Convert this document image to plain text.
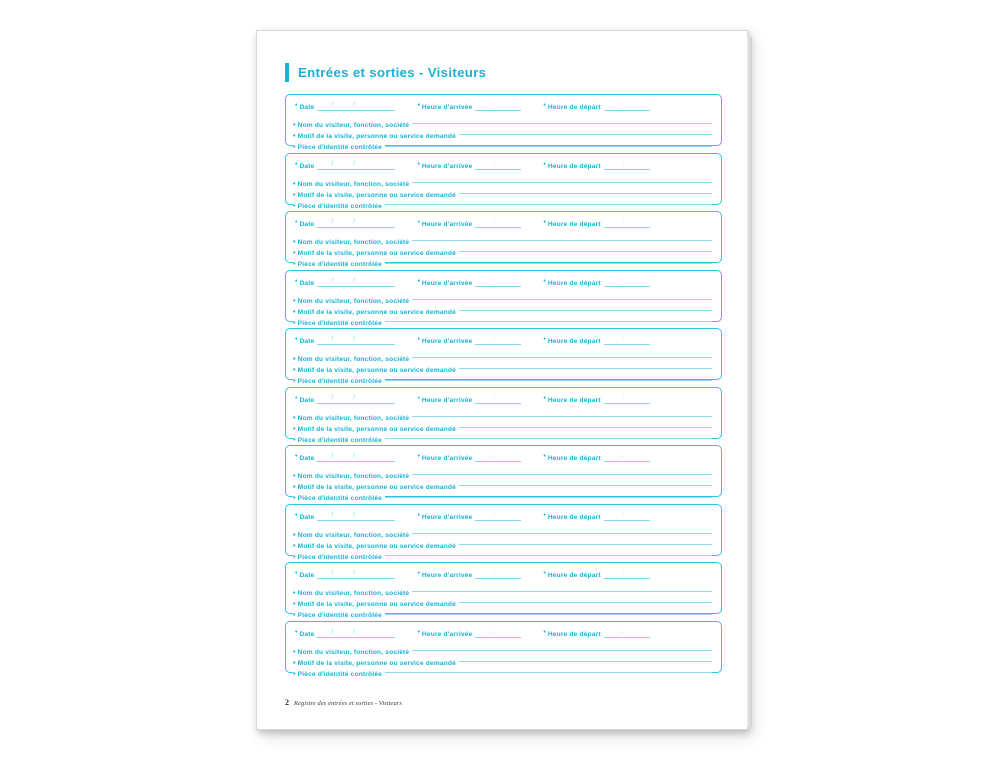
Entrées et sorties - Visiteurs
• Date	/	/	• Heure d'arrivée	:	• Heure de départ	:
• Nom du visiteur, fonction, société
• Motif de la visite, personne ou service demandé
• Pièce d'identité contrôlée
• Date	/	/	• Heure d'arrivée	:	• Heure de départ	:
• Nom du visiteur, fonction, société
• Motif de la visite, personne ou service demandé
• Pièce d'identité contrôlée
• Date	/	/	• Heure d'arrivée	:	• Heure de départ	:
• Nom du visiteur, fonction, société
• Motif de la visite, personne ou service demandé
• Pièce d'identité contrôlée
• Date	/	/	• Heure d'arrivée	:	• Heure de départ	:
• Nom du visiteur, fonction, société
• Motif de la visite, personne ou service demandé
• Pièce d'identité contrôlée
• Date	/	/	• Heure d'arrivée	:	• Heure de départ	:
• Nom du visiteur, fonction, société
• Motif de la visite, personne ou service demandé
• Pièce d'identité contrôlée
• Date	/	/	• Heure d'arrivée	:	• Heure de départ	:
• Nom du visiteur, fonction, société
• Motif de la visite, personne ou service demandé
• Pièce d'identité contrôlée
• Date	/	/	• Heure d'arrivée	:	• Heure de départ	:
• Nom du visiteur, fonction, société
• Motif de la visite, personne ou service demandé
• Pièce d'identité contrôlée
• Date	/	/	• Heure d'arrivée	:	• Heure de départ	:
• Nom du visiteur, fonction, société
• Motif de la visite, personne ou service demandé
• Pièce d'identité contrôlée
• Date	/	/	• Heure d'arrivée	:	• Heure de départ	:
• Nom du visiteur, fonction, société
• Motif de la visite, personne ou service demandé
• Pièce d'identité contrôlée
• Date	/	/	• Heure d'arrivée	:	• Heure de départ	:
• Nom du visiteur, fonction, société
• Motif de la visite, personne ou service demandé
• Pièce d'identité contrôlée
2 Registre des entrées et sorties - Visiteurs
